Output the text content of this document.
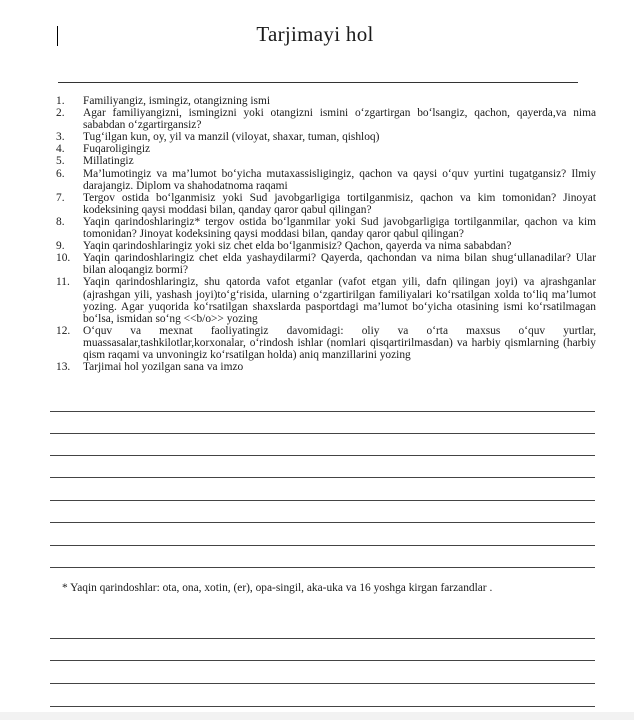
Tarjimayi hol
1.	Familiyangiz, ismingiz, otangizning ismi
2.	Agar familiyangizni, ismingizni yoki otangizni ismini o‘zgartirgan bo‘lsangiz, qachon, qayerda,va nima sababdan o‘zgartirgansiz?
3.	Tug‘ilgan kun, oy, yil va manzil (viloyat, shaxar, tuman, qishloq)
4.	Fuqaroligingiz
5.	Millatingiz
6.	Ma’lumotingiz va ma’lumot bo‘yicha mutaxassisligingiz, qachon va qaysi o‘quv yurtini tugatgansiz? Ilmiy darajangiz. Diplom va shahodatnoma raqami
7.	Tergov ostida bo‘lganmisiz yoki Sud javobgarligiga tortilganmisiz, qachon va kim tomonidan? Jinoyat kodeksining qaysi moddasi bilan, qanday qaror qabul qilingan?
8.	Yaqin qarindoshlaringiz* tergov ostida bo‘lganmilar yoki Sud javobgarligiga tortilganmilar, qachon va kim tomonidan? Jinoyat kodeksining qaysi moddasi bilan, qanday qaror qabul qilingan?
9.	Yaqin qarindoshlaringiz yoki siz chet elda bo‘lganmisiz? Qachon, qayerda va nima sababdan?
10.	Yaqin qarindoshlaringiz chet elda yashaydilarmi? Qayerda, qachondan va nima bilan shug‘ullanadilar? Ular bilan aloqangiz bormi?
11.	Yaqin qarindoshlaringiz, shu qatorda vafot etganlar (vafot etgan yili, dafn qilingan joyi) va ajrashganlar (ajrashgan yili, yashash joyi)to‘g‘risida, ularning o‘zgartirilgan familiyalari ko‘rsatilgan xolda to‘liq ma’lumot yozing. Agar yuqorida ko‘rsatilgan shaxslarda pasportdagi ma’lumot bo‘yicha otasining ismi ko‘rsatilmagan bo‘lsa, ismidan so‘ng <<b/o>> yozing
12.	O‘quv va mexnat faoliyatingiz davomidagi: oliy va o‘rta maxsus o‘quv yurtlar, muassasalar,tashkilotlar,korxonalar, o‘rindosh ishlar (nomlari qisqartirilmasdan) va harbiy qismlarning (harbiy qism raqami va unvoningiz ko‘rsatilgan holda) aniq manzillarini yozing
13.	Tarjimai hol yozilgan sana va imzo
* Yaqin qarindoshlar: ota, ona, xotin, (er), opa-singil, aka-uka va 16 yoshga kirgan farzandlar .
